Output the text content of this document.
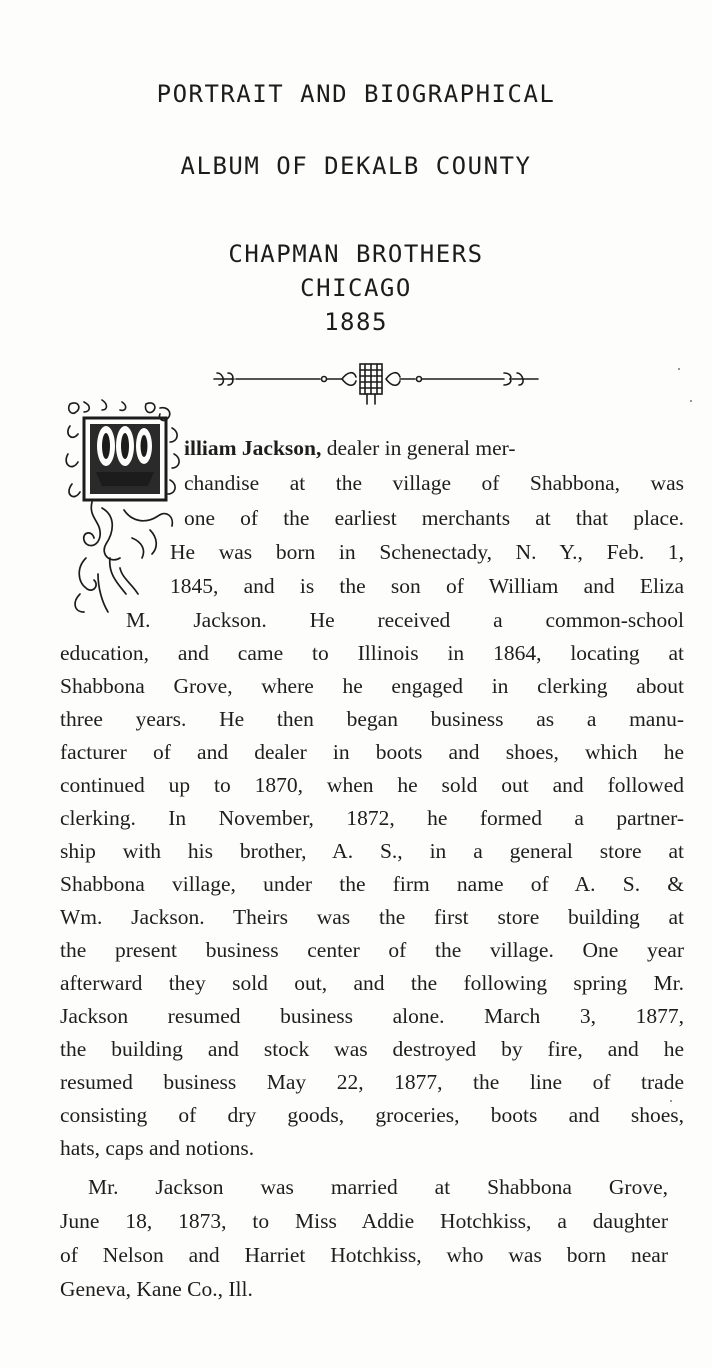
PORTRAIT AND BIOGRAPHICAL
ALBUM OF DEKALB COUNTY
CHAPMAN BROTHERS
CHICAGO
1885
illiam Jackson, dealer in general mer-
chandise at the village of Shabbona, was
one of the earliest merchants at that place.
He was born in Schenectady, N. Y., Feb. 1,
1845, and is the son of William and Eliza
M. Jackson. He received a common-school
education, and came to Illinois in 1864, locating at
Shabbona Grove, where he engaged in clerking about
three years. He then began business as a manu-
facturer of and dealer in boots and shoes, which he
continued up to 1870, when he sold out and followed
clerking. In November, 1872, he formed a partner-
ship with his brother, A. S., in a general store at
Shabbona village, under the firm name of A. S. &
Wm. Jackson. Theirs was the first store building at
the present business center of the village. One year
afterward they sold out, and the following spring Mr.
Jackson resumed business alone. March 3, 1877,
the building and stock was destroyed by fire, and he
resumed business May 22, 1877, the line of trade
consisting of dry goods, groceries, boots and shoes,
hats, caps and notions.
Mr. Jackson was married at Shabbona Grove,
June 18, 1873, to Miss Addie Hotchkiss, a daughter
of Nelson and Harriet Hotchkiss, who was born near
Geneva, Kane Co., Ill.
